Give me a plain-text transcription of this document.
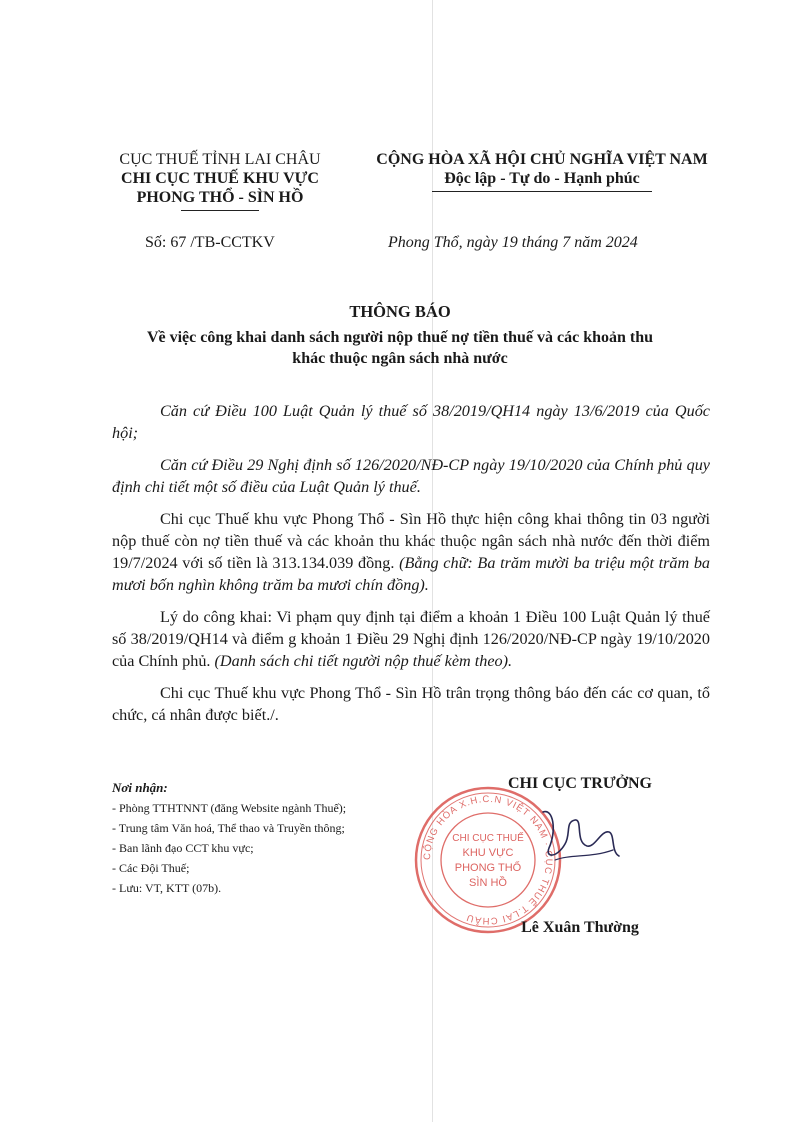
CỤC THUẾ TỈNH LAI CHÂU
CHI CỤC THUẾ KHU VỰC
PHONG THỔ - SÌN HỒ
CỘNG HÒA XÃ HỘI CHỦ NGHĨA VIỆT NAM
Độc lập - Tự do - Hạnh phúc
Số: 67 /TB-CCTKV	Phong Thổ, ngày 19 tháng 7 năm 2024
THÔNG BÁO
Về việc công khai danh sách người nộp thuế nợ tiền thuế và các khoản thu
khác thuộc ngân sách nhà nước

Căn cứ Điều 100 Luật Quản lý thuế số 38/2019/QH14 ngày 13/6/2019 của Quốc hội;

Căn cứ Điều 29 Nghị định số 126/2020/NĐ-CP ngày 19/10/2020 của Chính phủ quy định chi tiết một số điều của Luật Quản lý thuế.

Chi cục Thuế khu vực Phong Thổ - Sìn Hồ thực hiện công khai thông tin 03 người nộp thuế còn nợ tiền thuế và các khoản thu khác thuộc ngân sách nhà nước đến thời điểm 19/7/2024 với số tiền là 313.134.039 đồng. (Bằng chữ: Ba trăm mười ba triệu một trăm ba mươi bốn nghìn không trăm ba mươi chín đồng).

Lý do công khai: Vi phạm quy định tại điểm a khoản 1 Điều 100 Luật Quản lý thuế số 38/2019/QH14 và điểm g khoản 1 Điều 29 Nghị định 126/2020/NĐ-CP ngày 19/10/2020 của Chính phủ. (Danh sách chi tiết người nộp thuế kèm theo).

Chi cục Thuế khu vực Phong Thổ - Sìn Hồ trân trọng thông báo đến các cơ quan, tổ chức, cá nhân được biết./.

Nơi nhận:
- Phòng TTHTNNT (đăng Website ngành Thuế);
- Trung tâm Văn hoá, Thể thao và Truyền thông;
- Ban lãnh đạo CCT khu vực;
- Các Đội Thuế;
- Lưu: VT, KTT (07b).
CHI CỤC TRƯỞNG
CỘNG HÒA X.H.C.N VIỆT NAM · CỤC THUẾ T.LAI CHÂU
CHI CỤC THUẾ
KHU VỰC
PHONG THỔ
SÌN HỒ
Lê Xuân Thường
